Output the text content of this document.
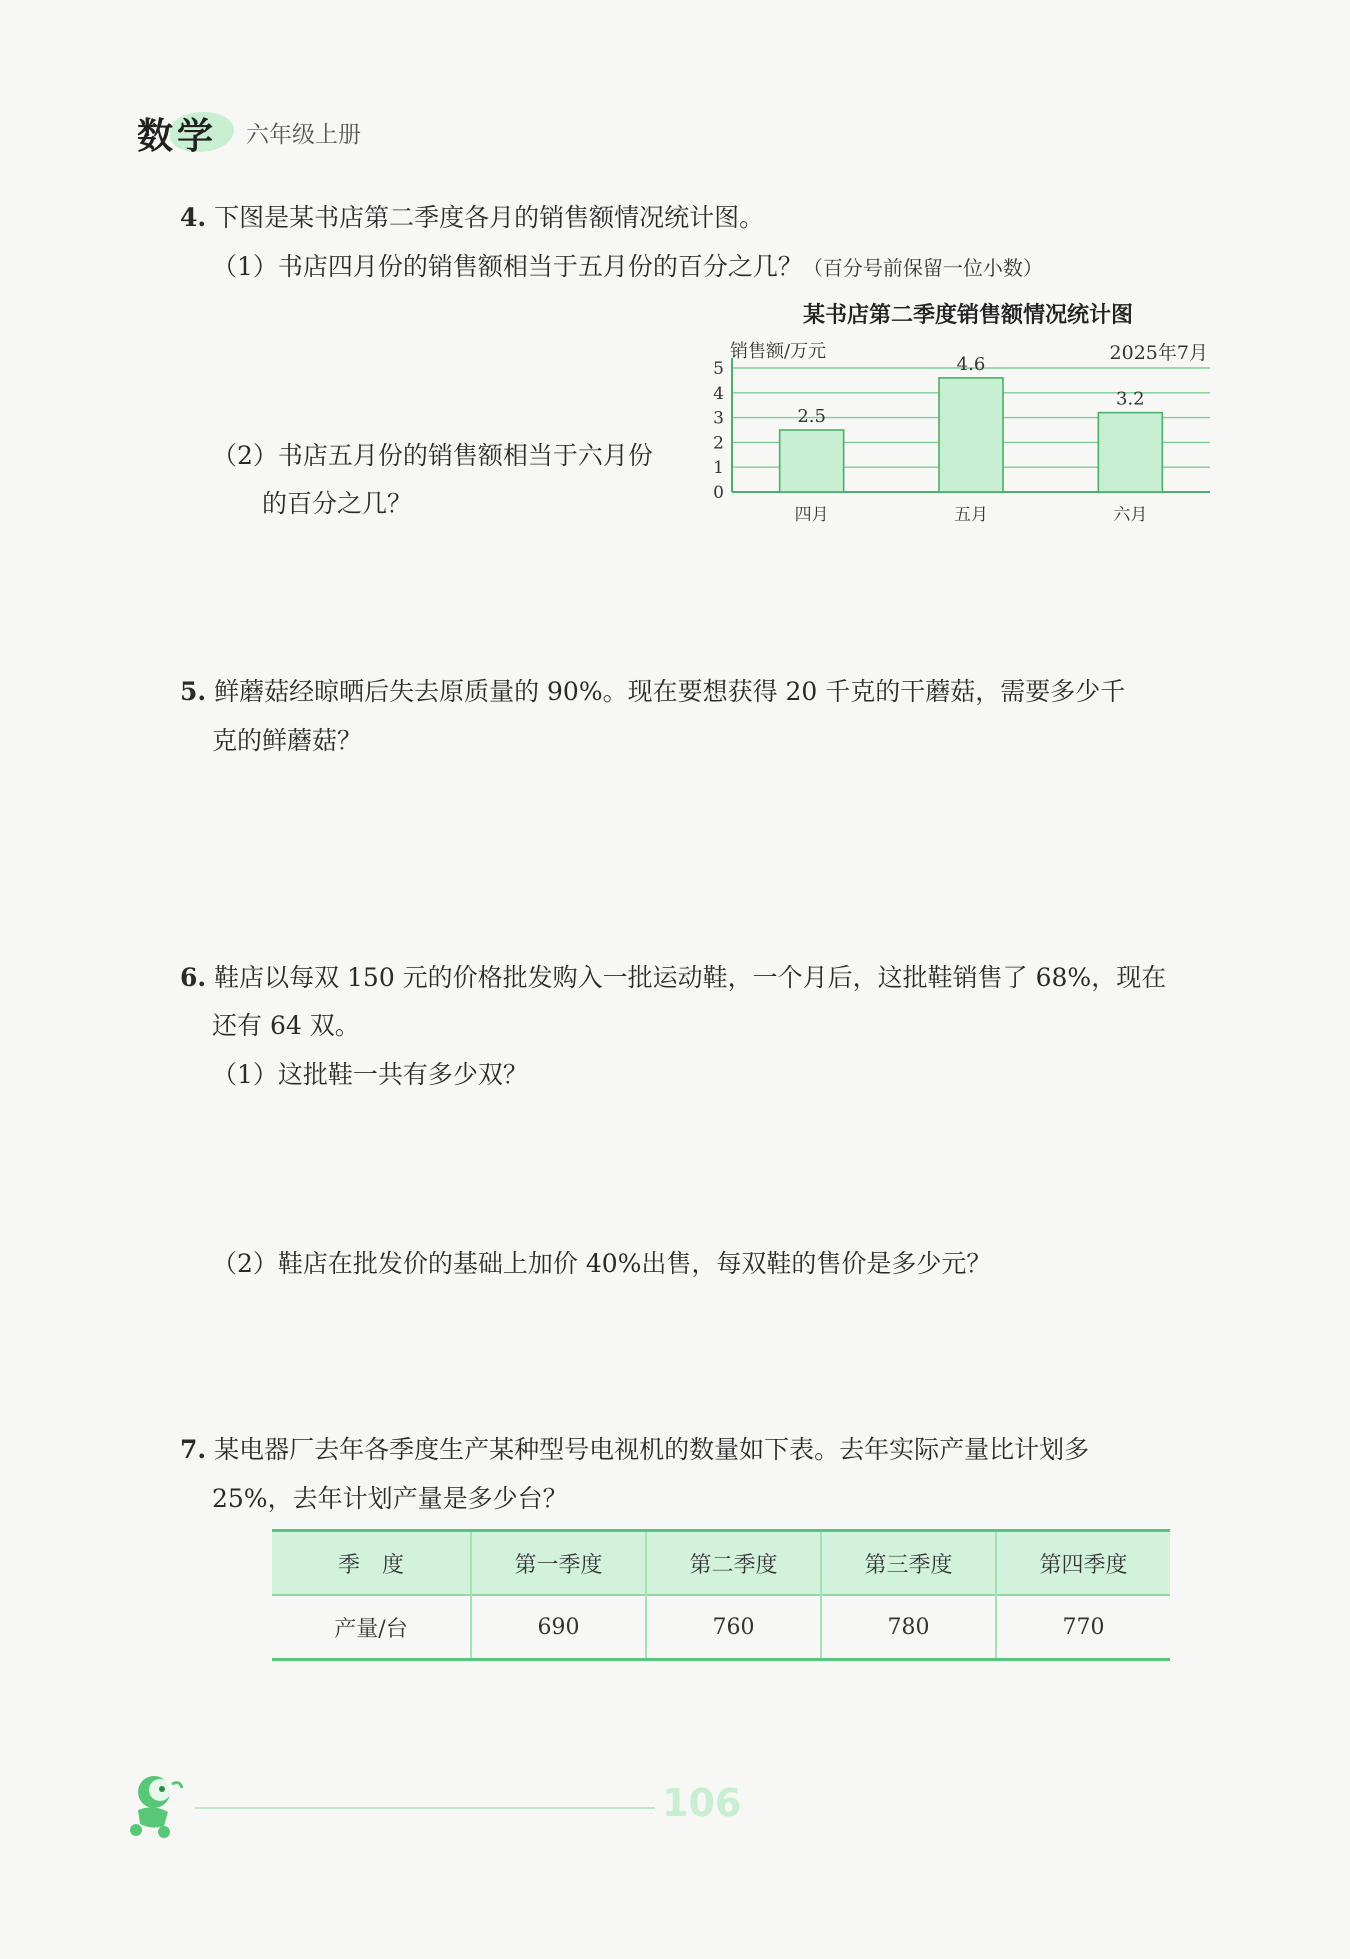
数学 六年级上册
4. 下图是某书店第二季度各月的销售额情况统计图。
（1）书店四月份的销售额相当于五月份的百分之几？（百分号前保留一位小数）
（2）书店五月份的销售额相当于六月份
的百分之几？
某书店第二季度销售额情况统计图
销售额/万元	2025年7月
0
1
2
3
4
5
2.5
4.6
3.2
四月	五月	六月
5. 鲜蘑菇经晾晒后失去原质量的 90%。现在要想获得 20 千克的干蘑菇，需要多少千
克的鲜蘑菇？
6. 鞋店以每双 150 元的价格批发购入一批运动鞋，一个月后，这批鞋销售了 68%，现在
还有 64 双。
（1）这批鞋一共有多少双？
（2）鞋店在批发价的基础上加价 40%出售，每双鞋的售价是多少元？
7. 某电器厂去年各季度生产某种型号电视机的数量如下表。去年实际产量比计划多
25%，去年计划产量是多少台？
季　度	第一季度	第二季度	第三季度	第四季度
产量/台	690	760	780	770
106
